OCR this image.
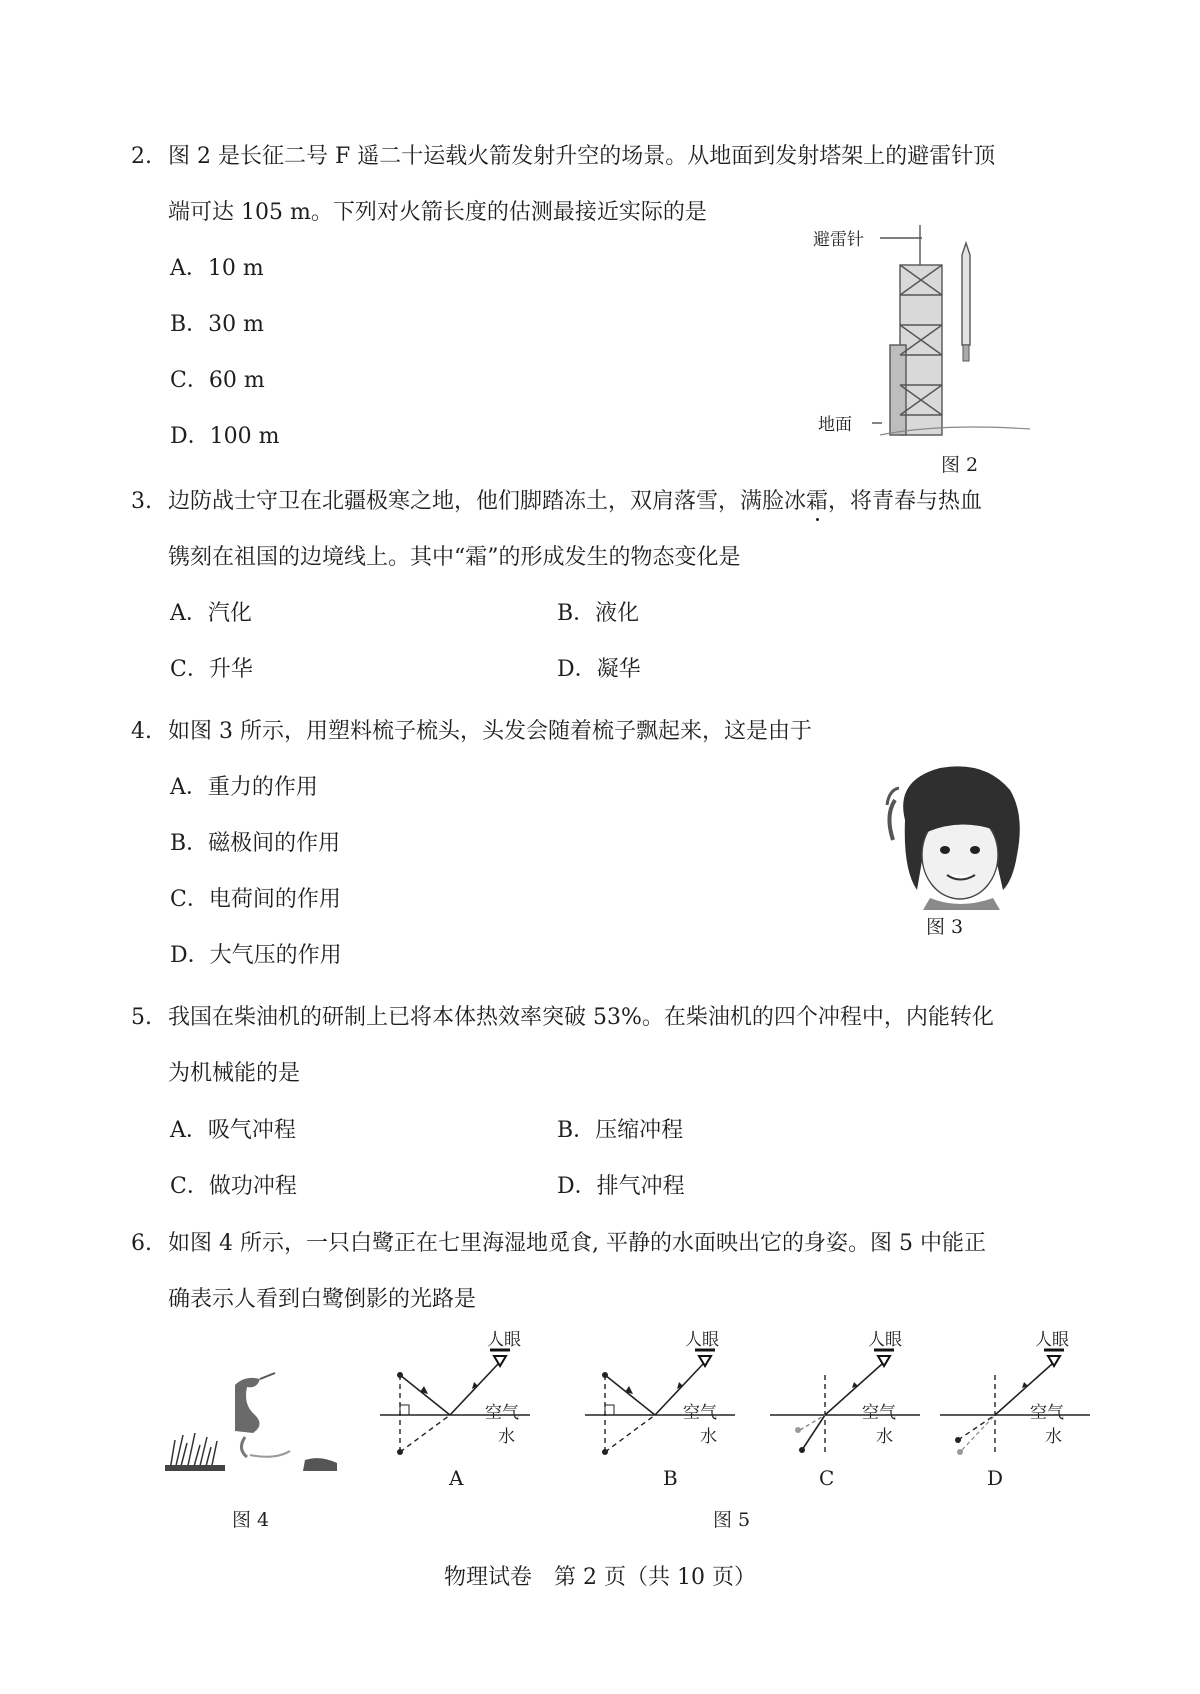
2. 图 2 是长征二号 F 遥二十运载火箭发射升空的场景。从地面到发射塔架上的避雷针顶
端可达 105 m。下列对火箭长度的估测最接近实际的是
A．10 m
B．30 m
C．60 m
D．100 m
避雷针
地面
图 2
3. 边防战士守卫在北疆极寒之地，他们脚踏冻土，双肩落雪，满脸冰霜，将青春与热血
镌刻在祖国的边境线上。其中“霜”的形成发生的物态变化是
A．汽化	B．液化
C．升华	D．凝华
4. 如图 3 所示，用塑料梳子梳头，头发会随着梳子飘起来，这是由于
A．重力的作用
B．磁极间的作用
C．电荷间的作用
D．大气压的作用
图 3
5. 我国在柴油机的研制上已将本体热效率突破 53%。在柴油机的四个冲程中，内能转化
为机械能的是
A．吸气冲程	B．压缩冲程
C．做功冲程	D．排气冲程
6. 如图 4 所示，一只白鹭正在七里海湿地觅食, 平静的水面映出它的身姿。图 5 中能正
确表示人看到白鹭倒影的光路是
图 4
人眼
空气
水
A
人眼
空气
水
B
人眼
空气
水
C
人眼
空气
水
D
图 5
物理试卷　第 2 页（共 10 页）
